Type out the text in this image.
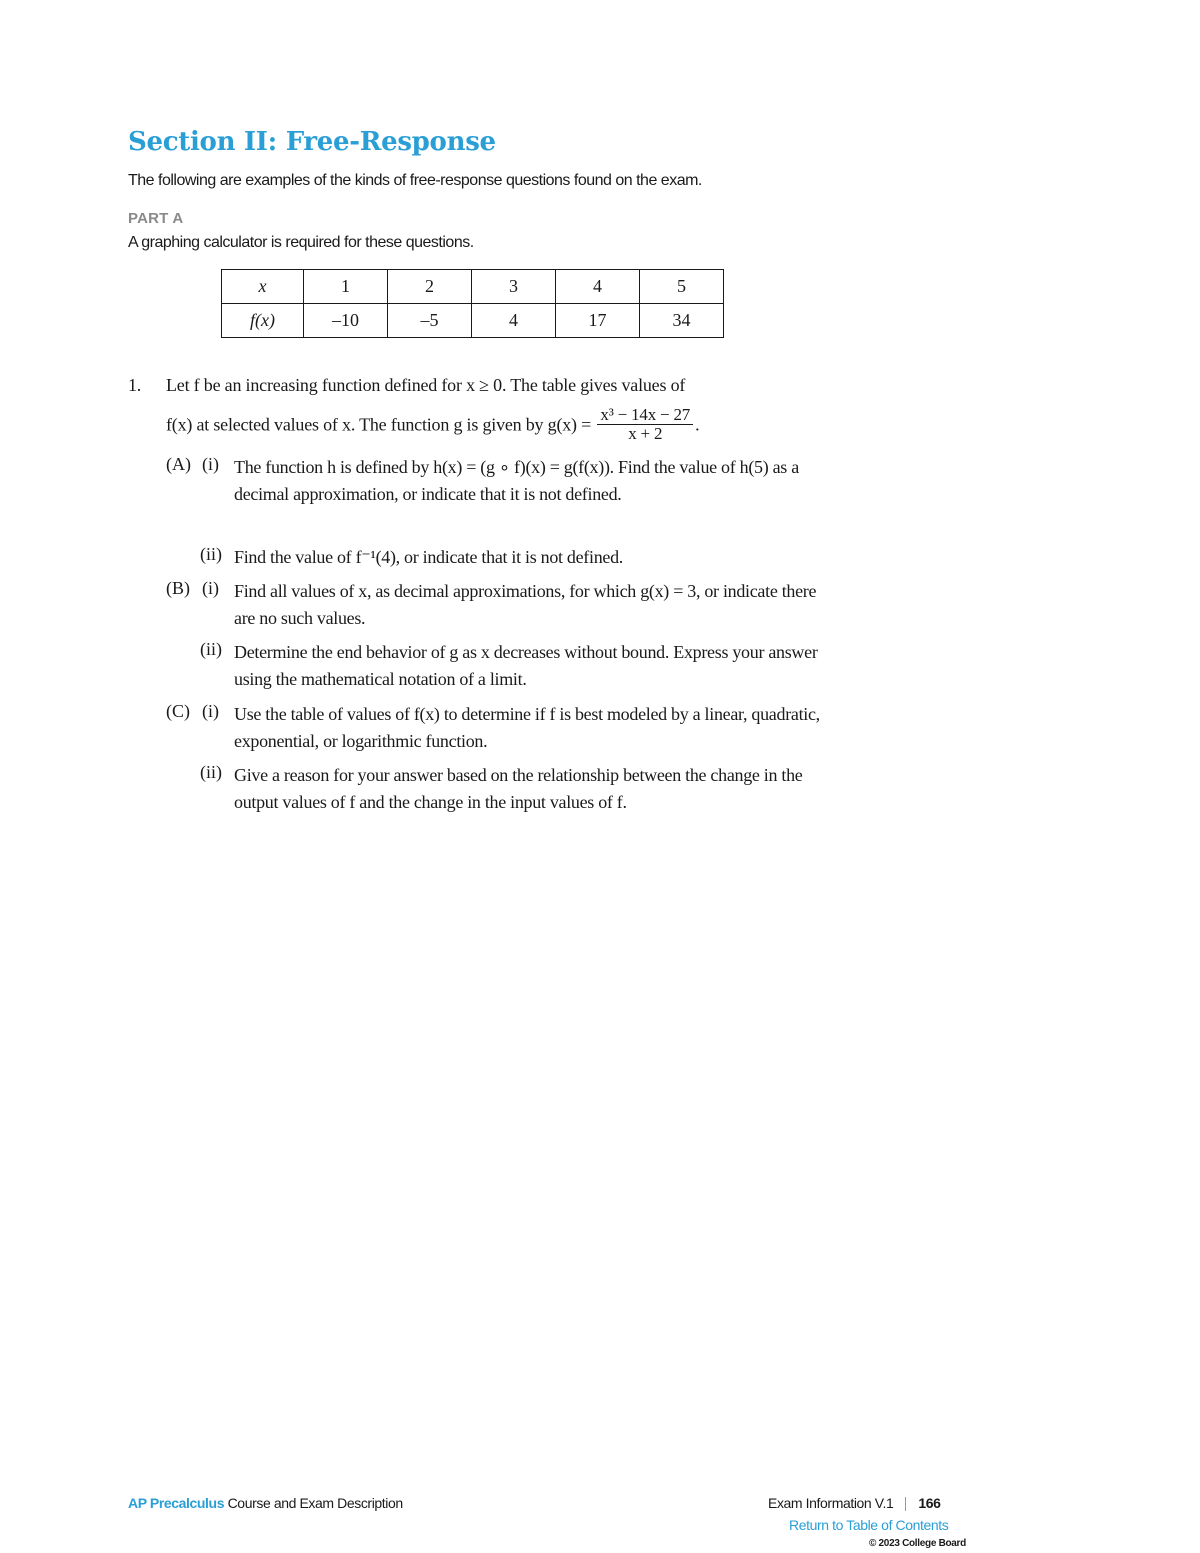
Section II: Free-Response
The following are examples of the kinds of free-response questions found on the exam.
PART A
A graphing calculator is required for these questions.
x	1	2	3	4	5
f(x)	–10	–5	4	17	34
1. Let f be an increasing function defined for x ≥ 0. The table gives values of
f(x) at selected values of x. The function g is given by $g(x) = \frac{\text{x³ − 14x − 27}}{x + 2}$ .
(A) (i) The function h is defined by h(x) = (g ∘ f)(x) = g(f(x)). Find the value of h(5) as a decimal approximation, or indicate that it is not defined.
(ii) Find the value of f⁻¹(4), or indicate that it is not defined.
(B) (i) Find all values of x, as decimal approximations, for which g(x) = 3, or indicate there are no such values.
(ii) Determine the end behavior of g as x decreases without bound. Express your answer using the mathematical notation of a limit.
(C) (i) Use the table of values of f(x) to determine if f is best modeled by a linear, quadratic, exponential, or logarithmic function.
(ii) Give a reason for your answer based on the relationship between the change in the output values of f and the change in the input values of f.
AP Precalculus Course and Exam Description	Exam Information V.1 166
Return to Table of Contents
© 2023 College Board
